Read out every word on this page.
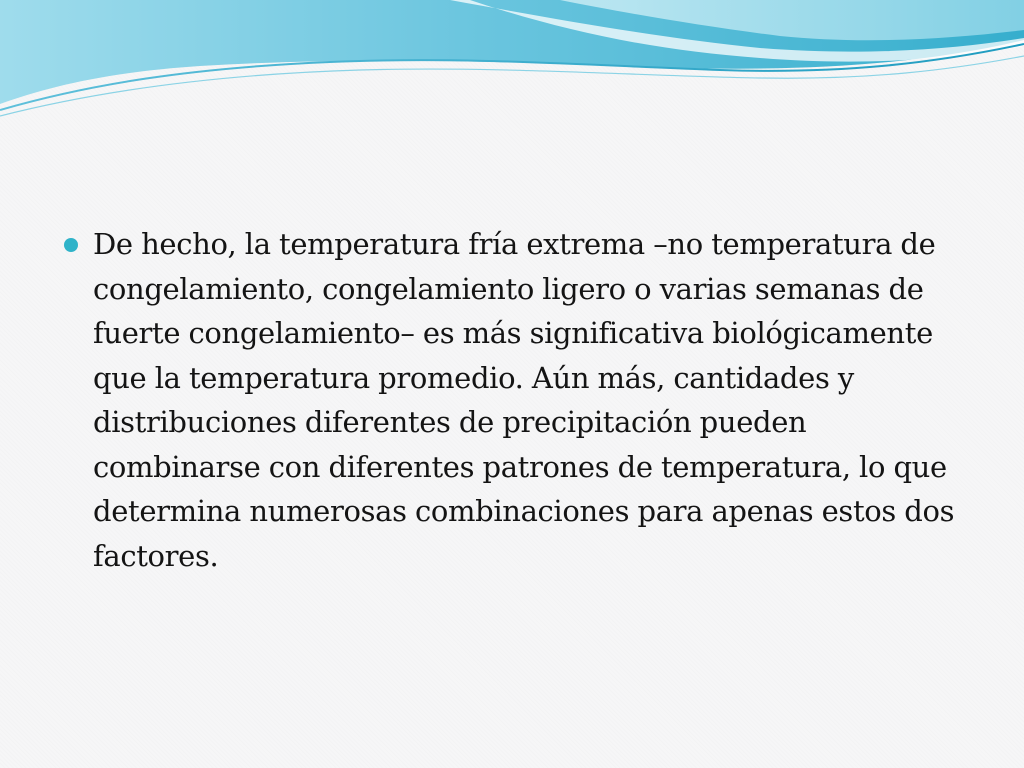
De hecho, la temperatura fría extrema –no temperatura de congelamiento, congelamiento ligero o varias semanas de fuerte congelamiento– es más significativa biológicamente que la temperatura promedio. Aún más, cantidades y distribuciones diferentes de precipitación pueden combinarse con diferentes patrones de temperatura, lo que determina numerosas combinaciones para apenas estos dos factores.
